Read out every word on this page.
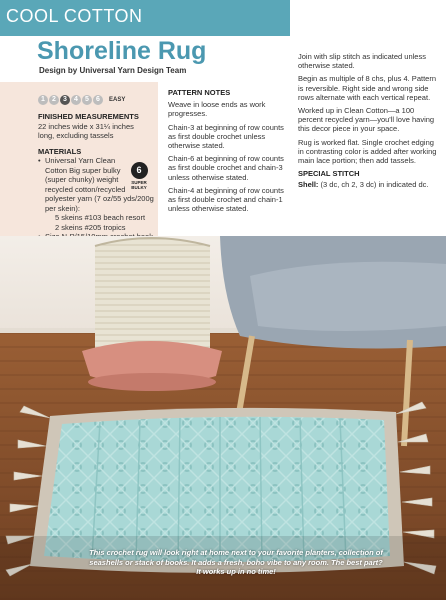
COOL COTTON
Shoreline Rug
Design by Universal Yarn Design Team
1	2	3	4	5	6	EASY
FINISHED MEASUREMENTS

22 inches wide x 31¼ inches

long, excluding tassels

MATERIALS
• Universal Yarn Clean
Cotton Big super bulky
(super chunky) weight
recycled cotton/recycled
polyester yarn (7 oz/55 yds/200g
per skein):
5 skeins #103 beach resort
2 skeins #205 tropics
•

•
•

6
SUPER BULKY
PATTERN NOTES

Weave in loose ends as work progresses.

Chain-3 at beginning of row counts as first double crochet unless otherwise stated.

Chain-6 at beginning of row counts as first double crochet and chain-3 unless otherwise stated.

Chain-4 at beginning of row counts as first double crochet and chain-1 unless otherwise stated.

Join with slip stitch as indicated unless otherwise stated.

Begin as multiple of 8 chs, plus 4. Pattern is reversible. Right side and wrong side rows alternate with each vertical repeat.

Worked up in Clean Cotton—a 100 percent recycled yarn—you'll love having this decor piece in your space.

Rug is worked flat. Single crochet edging in contrasting color is added after working main lace portion; then add tassels.

SPECIAL STITCH

Shell: (3 dc, ch 2, 3 dc) in indicated dc.

This crochet rug will look right at home next to your favorite planters, collection of seashells or stack of books. It adds a fresh, boho vibe to any room. The best part? It works up in no time!
